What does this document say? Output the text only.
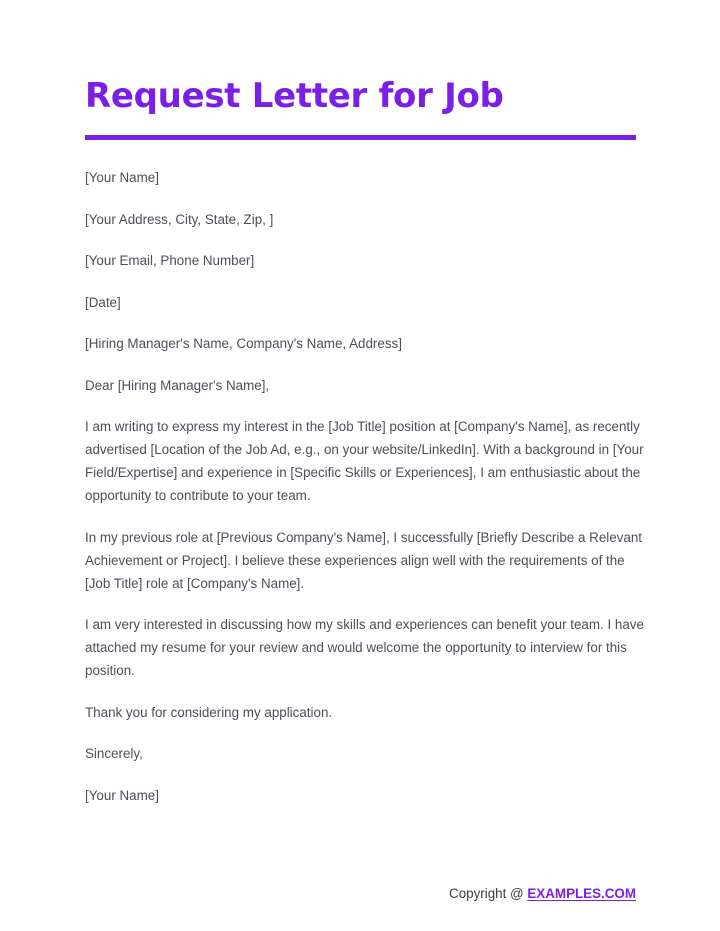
Request Letter for Job

[Your Name]

[Your Address, City, State, Zip, ]

[Your Email, Phone Number]

[Date]

[Hiring Manager's Name, Company's Name, Address]

Dear [Hiring Manager's Name],

I am writing to express my interest in the [Job Title] position at [Company's Name], as recently advertised [Location of the Job Ad, e.g., on your website/LinkedIn]. With a background in [Your Field/Expertise] and experience in [Specific Skills or Experiences], I am enthusiastic about the opportunity to contribute to your team.

In my previous role at [Previous Company's Name], I successfully [Briefly Describe a Relevant Achievement or Project]. I believe these experiences align well with the requirements of the [Job Title] role at [Company's Name].

I am very interested in discussing how my skills and experiences can benefit your team. I have attached my resume for your review and would welcome the opportunity to interview for this position.

Thank you for considering my application.

Sincerely,

[Your Name]

Copyright @ EXAMPLES.COM
